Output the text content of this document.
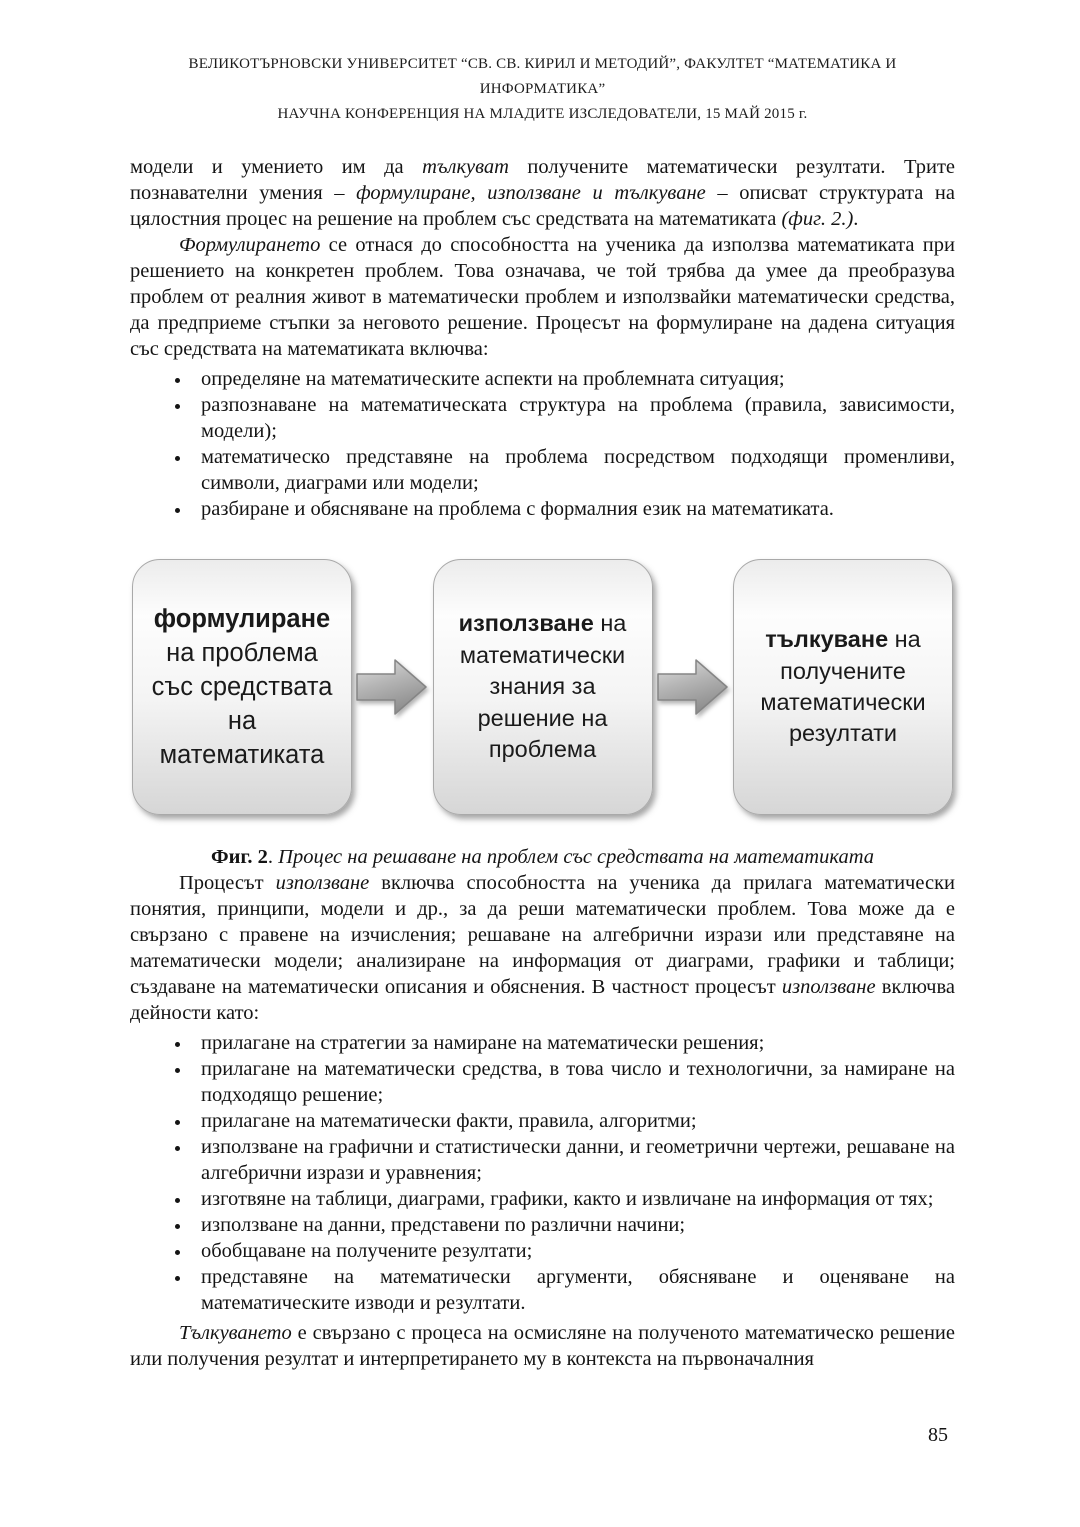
ВЕЛИКОТЪРНОВСКИ УНИВЕРСИТЕТ “СВ. СВ. КИРИЛ И МЕТОДИЙ”, ФАКУЛТЕТ “МАТЕМАТИКА И ИНФОРМАТИКА”
НАУЧНА КОНФЕРЕНЦИЯ НА МЛАДИТЕ ИЗСЛЕДОВАТЕЛИ, 15 МАЙ 2015 г.

модели и умението им да тълкуват получените математически резултати. Трите познавателни умения – формулиране, използване и тълкуване – описват структурата на цялостния процес на решение на проблем със средствата на математиката (фиг. 2.).

Формулирането се отнася до способността на ученика да използва математиката при решението на конкретен проблем. Това означава, че той трябва да умее да преобразува проблем от реалния живот в математически проблем и използвайки математически средства, да предприеме стъпки за неговото решение. Процесът на формулиране на дадена ситуация със средствата на математиката включва:

• определяне на математическите аспекти на проблемната ситуация;
• разпознаване на математическата структура на проблема (правила, зависимости, модели);
• математическо представяне на проблема посредством подходящи променливи, символи, диаграми или модели;
• разбиране и обясняване на проблема с формалния език на математиката.
формулиране на проблема със средствата на математиката
използване на математически знания за решение на проблема
тълкуване на получените математически резултати

Фиг. 2. Процес на решаване на проблем със средствата на математиката

Процесът използване включва способността на ученика да прилага математически понятия, принципи, модели и др., за да реши математически проблем. Това може да е свързано с правене на изчисления; решаване на алгебрични изрази или представяне на математически модели; анализиране на информация от диаграми, графики и таблици; създаване на математически описания и обяснения. В частност процесът използване включва дейности като:

• прилагане на стратегии за намиране на математически решения;
• прилагане на математически средства, в това число и технологични, за намиране на подходящо решение;
• прилагане на математически факти, правила, алгоритми;
• използване на графични и статистически данни, и геометрични чертежи, решаване на алгебрични изрази и уравнения;
• изготвяне на таблици, диаграми, графики, както и извличане на информация от тях;
• използване на данни, представени по различни начини;
• обобщаване на получените резултати;
• представяне на математически аргументи, обясняване и оценяване на математическите изводи и резултати.

Тълкуването е свързано с процеса на осмисляне на полученото математическо решение или получения резултат и интерпретирането му в контекста на първоначалния

85
